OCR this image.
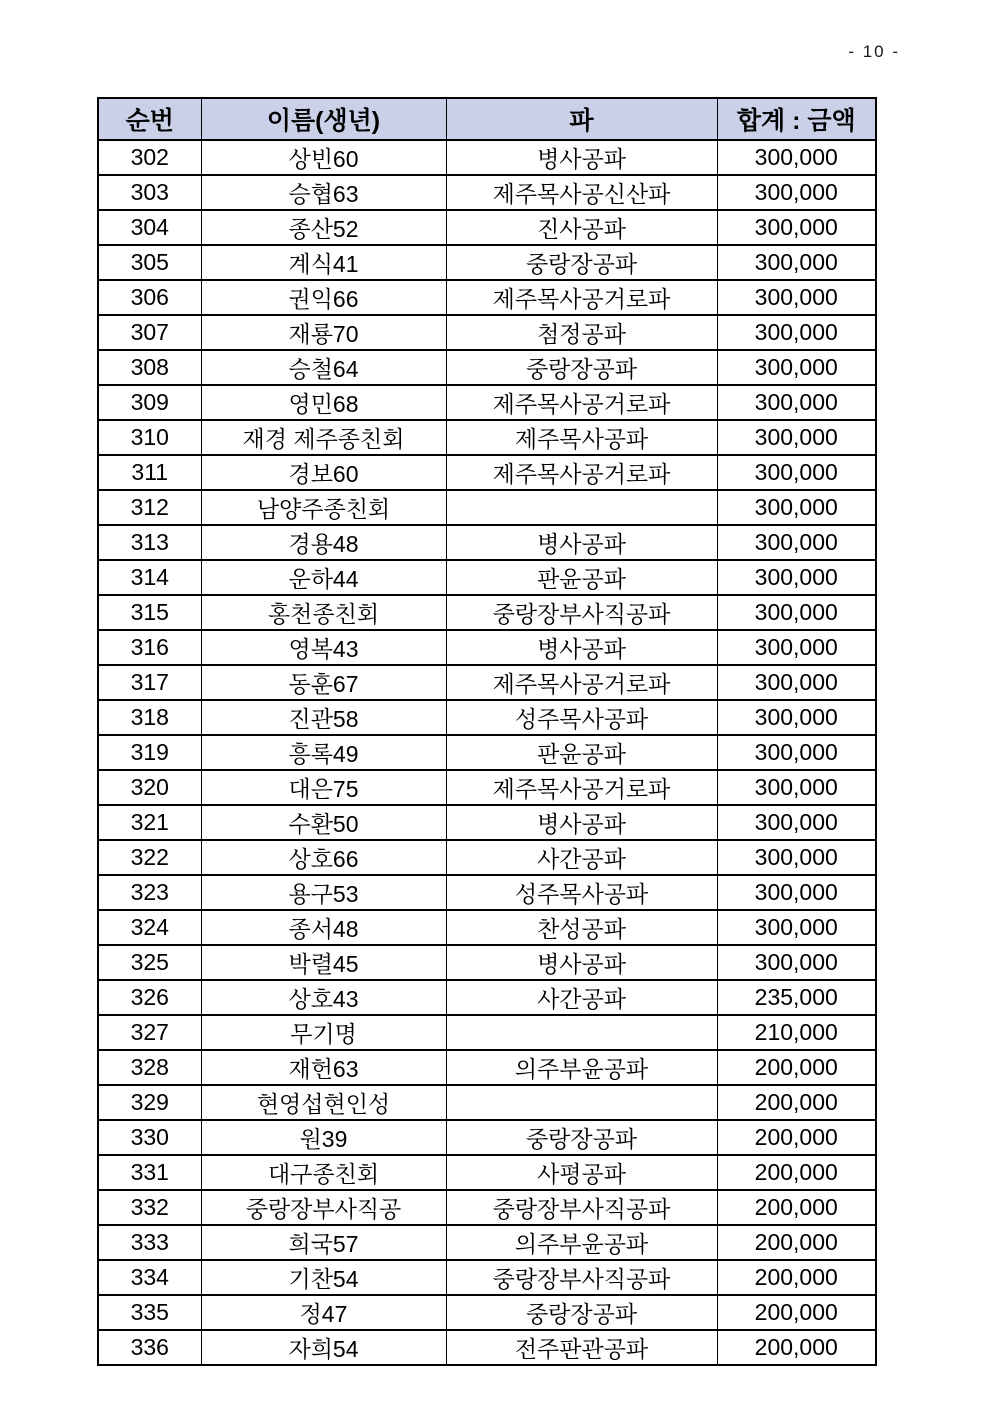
- 10 -
순번	이름(생년)	파	합계 : 금액
302	상빈60	병사공파	300,000
303	승협63	제주목사공신산파	300,000
304	종산52	진사공파	300,000
305	계식41	중랑장공파	300,000
306	권익66	제주목사공거로파	300,000
307	재룡70	첨정공파	300,000
308	승철64	중랑장공파	300,000
309	영민68	제주목사공거로파	300,000
310	재경 제주종친회	제주목사공파	300,000
311	경보60	제주목사공거로파	300,000
312	남양주종친회		300,000
313	경용48	병사공파	300,000
314	운하44	판윤공파	300,000
315	홍천종친회	중랑장부사직공파	300,000
316	영복43	병사공파	300,000
317	동훈67	제주목사공거로파	300,000
318	진관58	성주목사공파	300,000
319	흥록49	판윤공파	300,000
320	대은75	제주목사공거로파	300,000
321	수환50	병사공파	300,000
322	상호66	사간공파	300,000
323	용구53	성주목사공파	300,000
324	종서48	찬성공파	300,000
325	박렬45	병사공파	300,000
326	상호43	사간공파	235,000
327	무기명		210,000
328	재헌63	의주부윤공파	200,000
329	현영섭현인성		200,000
330	원39	중랑장공파	200,000
331	대구종친회	사평공파	200,000
332	중랑장부사직공	중랑장부사직공파	200,000
333	희국57	의주부윤공파	200,000
334	기찬54	중랑장부사직공파	200,000
335	정47	중랑장공파	200,000
336	자희54	전주판관공파	200,000
